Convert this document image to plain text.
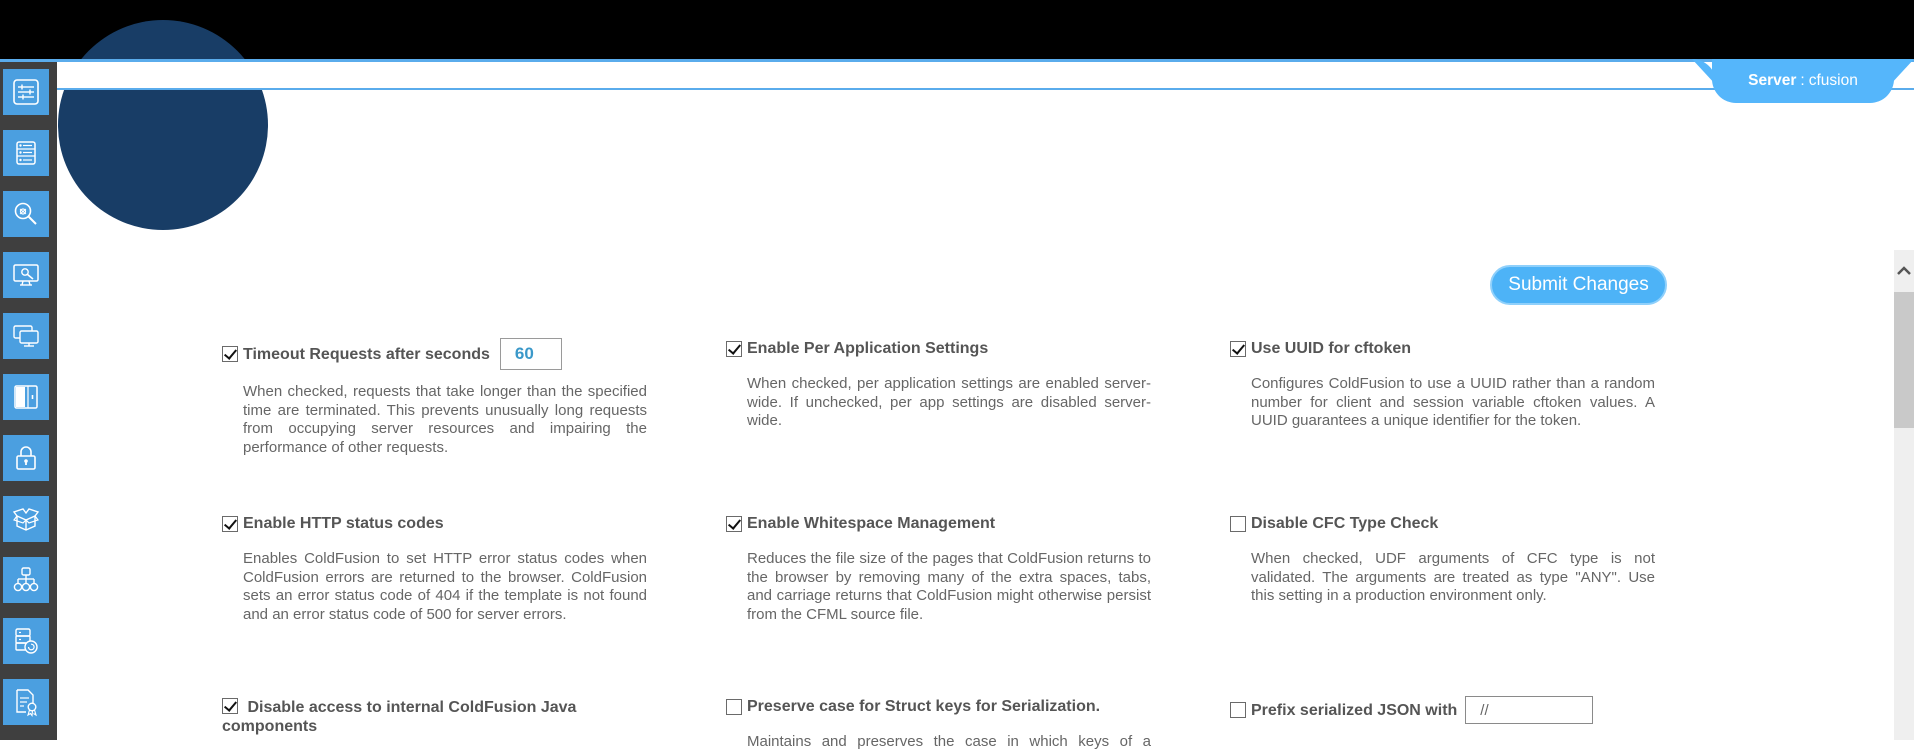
Server : cfusion
Submit Changes
Timeout Requests after seconds
60
When checked, requests that take longer than the specified time are terminated. This prevents unusually long requests from occupying server resources and impairing the performance of other requests.
Enable HTTP status codes
Enables ColdFusion to set HTTP error status codes when ColdFusion errors are returned to the browser. ColdFusion sets an error status code of 404 if the template is not found and an error status code of 500 for server errors.
Disable access to internal ColdFusion Java components
Enable Per Application Settings
When checked, per application settings are enabled server-wide. If unchecked, per app settings are disabled server-wide.
Enable Whitespace Management
Reduces the file size of the pages that ColdFusion returns to the browser by removing many of the extra spaces, tabs, and carriage returns that ColdFusion might otherwise persist from the CFML source file.
Preserve case for Struct keys for Serialization.
Maintains and preserves the case in which keys of a
Use UUID for cftoken
Configures ColdFusion to use a UUID rather than a random number for client and session variable cftoken values. A UUID guarantees a unique identifier for the token.
Disable CFC Type Check
When checked, UDF arguments of CFC type is not validated. The arguments are treated as type "ANY". Use this setting in a production environment only.
Prefix serialized JSON with
//
